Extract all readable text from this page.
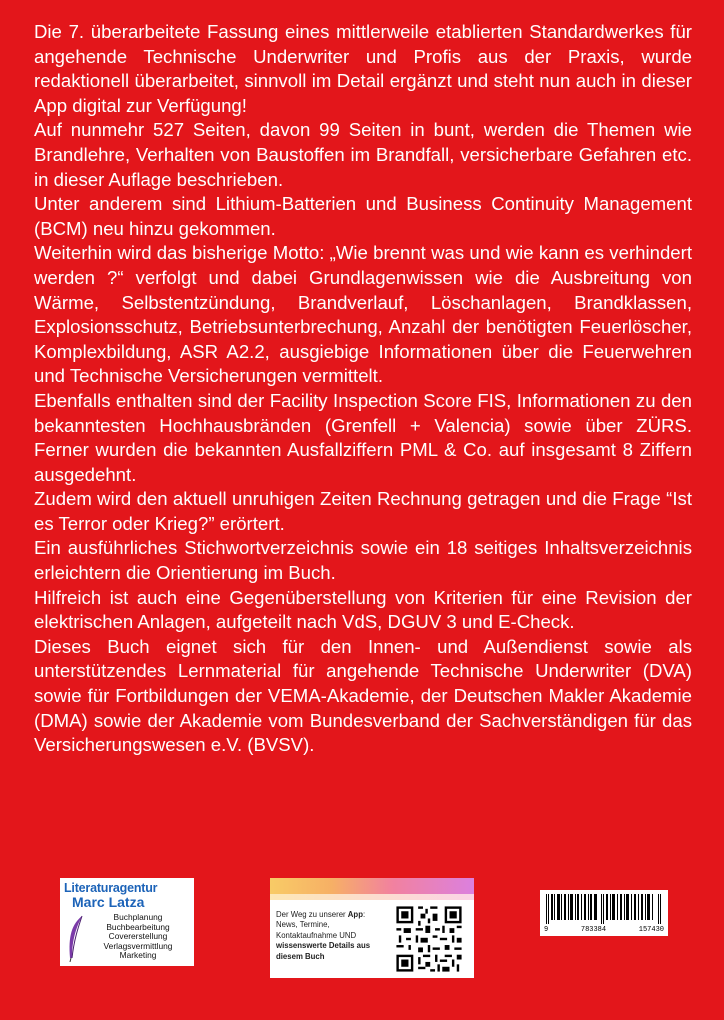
Die 7. überarbeitete Fassung eines mittlerweile etablierten Standardwerkes für angehende Technische Underwriter und Profis aus der Praxis, wurde redaktionell überarbeitet, sinnvoll im Detail ergänzt und steht nun auch in dieser App digital zur Verfügung!

Auf nunmehr 527 Seiten, davon 99 Seiten in bunt, werden die Themen wie Brandlehre, Verhalten von Baustoffen im Brandfall, versicherbare Gefahren etc. in dieser Auflage beschrieben.

Unter anderem sind Lithium-Batterien und Business Continuity Management (BCM) neu hinzu gekommen.

Weiterhin wird das bisherige Motto: „Wie brennt was und wie kann es verhindert werden ?“ verfolgt und dabei Grundlagenwissen wie die Ausbreitung von Wärme, Selbstentzündung, Brandverlauf, Löschanlagen, Brandklassen, Explosionsschutz, Betriebsunterbrechung, Anzahl der benötigten Feuerlöscher, Komplexbildung, ASR A2.2, ausgiebige Informationen über die Feuerwehren und Technische Versicherungen vermittelt.

Ebenfalls enthalten sind der Facility Inspection Score FIS, Informationen zu den bekanntesten Hochhausbränden (Grenfell + Valencia) sowie über ZÜRS. Ferner wurden die bekannten Ausfallziffern PML & Co. auf insgesamt 8 Ziffern ausgedehnt.

Zudem wird den aktuell unruhigen Zeiten Rechnung getragen und die Frage “Ist es Terror oder Krieg?” erörtert.

Ein ausführliches Stichwortverzeichnis sowie ein 18 seitiges Inhaltsverzeichnis erleichtern die Orientierung im Buch.

Hilfreich ist auch eine Gegenüberstellung von Kriterien für eine Revision der elektrischen Anlagen, aufgeteilt nach VdS, DGUV 3 und E-Check.

Dieses Buch eignet sich für den Innen- und Außendienst sowie als unterstützendes Lernmaterial für angehende Technische Underwriter (DVA) sowie für Fortbildungen der VEMA-Akademie, der Deutschen Makler Akademie (DMA) sowie der Akademie vom Bundesverband der Sachverständigen für das Versicherungswesen e.V. (BVSV).

Literaturagentur
Marc Latza
Buchplanung
Buchbearbeitung
Covererstellung
Verlagsvermittlung
Marketing
Der Weg zu unserer App:
News, Termine,
Kontaktaufnahme UND
wissenswerte Details aus
diesem Buch
9	783384	157430
